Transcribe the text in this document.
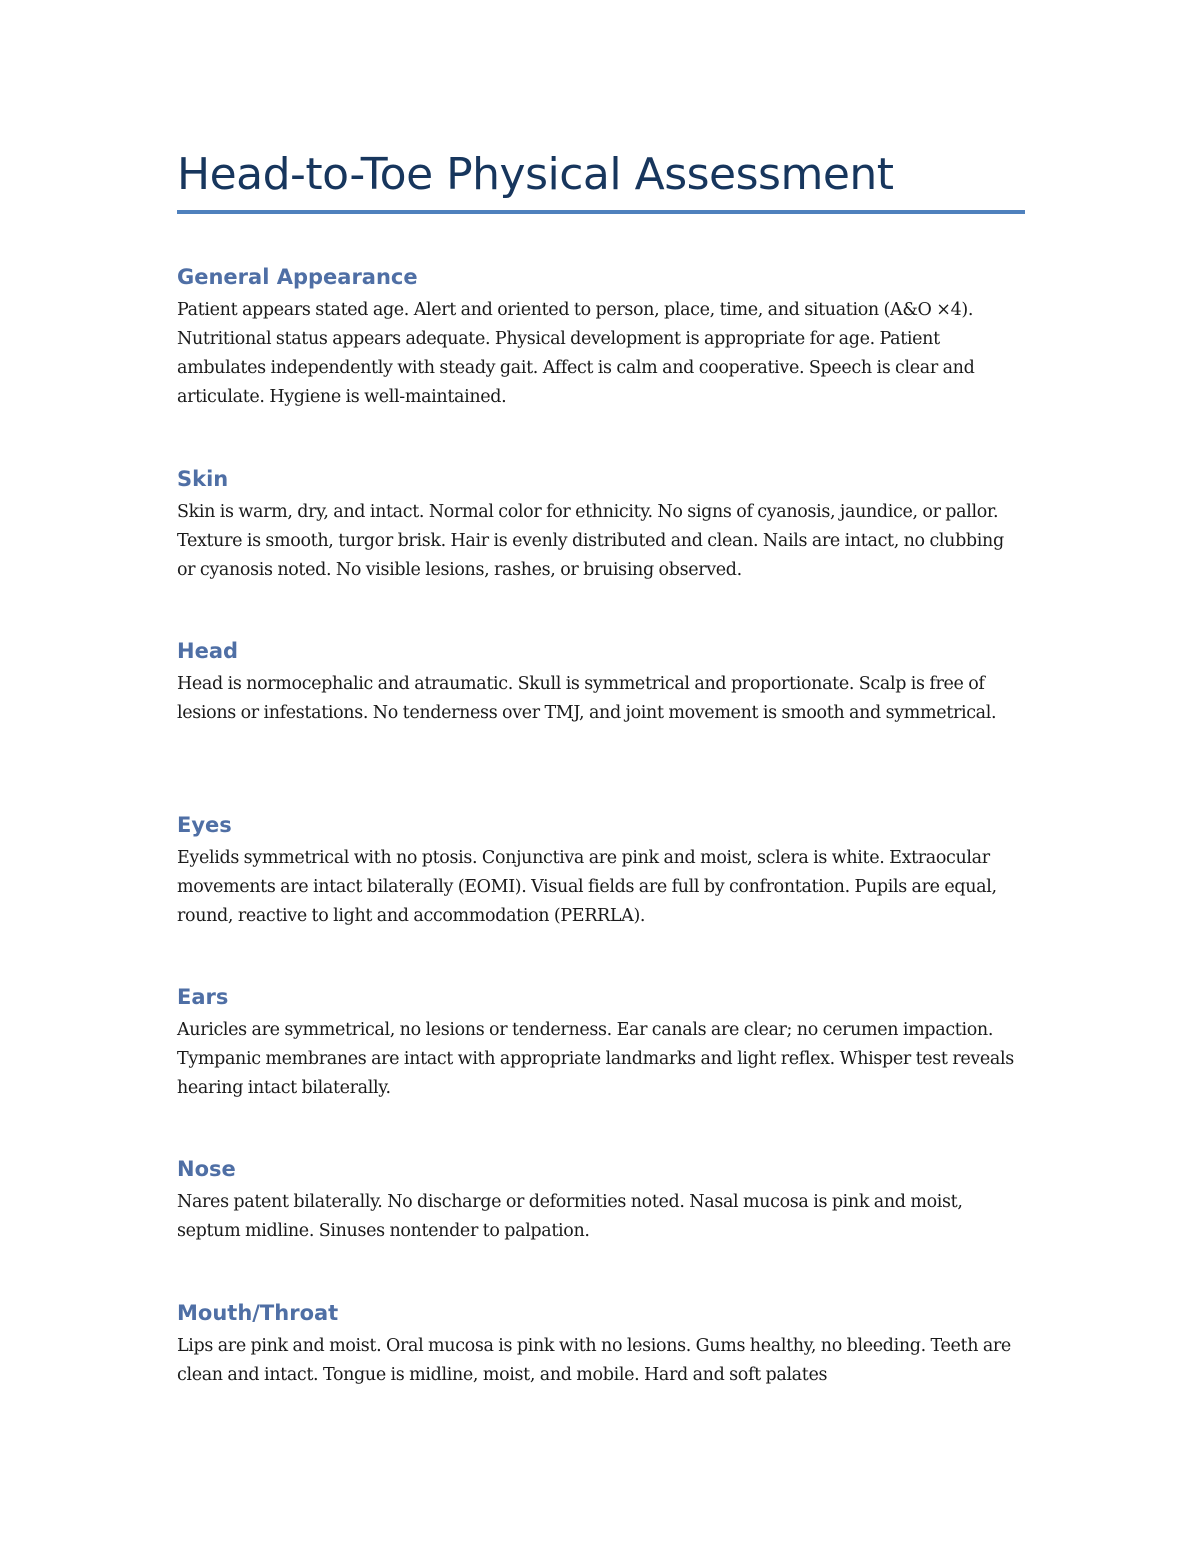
Head-to-Toe Physical Assessment
General Appearance

Patient appears stated age. Alert and oriented to person, place, time, and situation (A&O ×4). Nutritional status appears adequate. Physical development is appropriate for age. Patient ambulates independently with steady gait. Affect is calm and cooperative. Speech is clear and articulate. Hygiene is well-maintained.

Skin

Skin is warm, dry, and intact. Normal color for ethnicity. No signs of cyanosis, jaundice, or pallor. Texture is smooth, turgor brisk. Hair is evenly distributed and clean. Nails are intact, no clubbing or cyanosis noted. No visible lesions, rashes, or bruising observed.

Head

Head is normocephalic and atraumatic. Skull is symmetrical and proportionate. Scalp is free of lesions or infestations. No tenderness over TMJ, and joint movement is smooth and symmetrical.

Eyes

Eyelids symmetrical with no ptosis. Conjunctiva are pink and moist, sclera is white. Extraocular movements are intact bilaterally (EOMI). Visual fields are full by confrontation. Pupils are equal, round, reactive to light and accommodation (PERRLA).

Ears

Auricles are symmetrical, no lesions or tenderness. Ear canals are clear; no cerumen impaction. Tympanic membranes are intact with appropriate landmarks and light reflex. Whisper test reveals hearing intact bilaterally.

Nose

Nares patent bilaterally. No discharge or deformities noted. Nasal mucosa is pink and moist, septum midline. Sinuses nontender to palpation.

Mouth/Throat

Lips are pink and moist. Oral mucosa is pink with no lesions. Gums healthy, no bleeding. Teeth are clean and intact. Tongue is midline, moist, and mobile. Hard and soft palates
